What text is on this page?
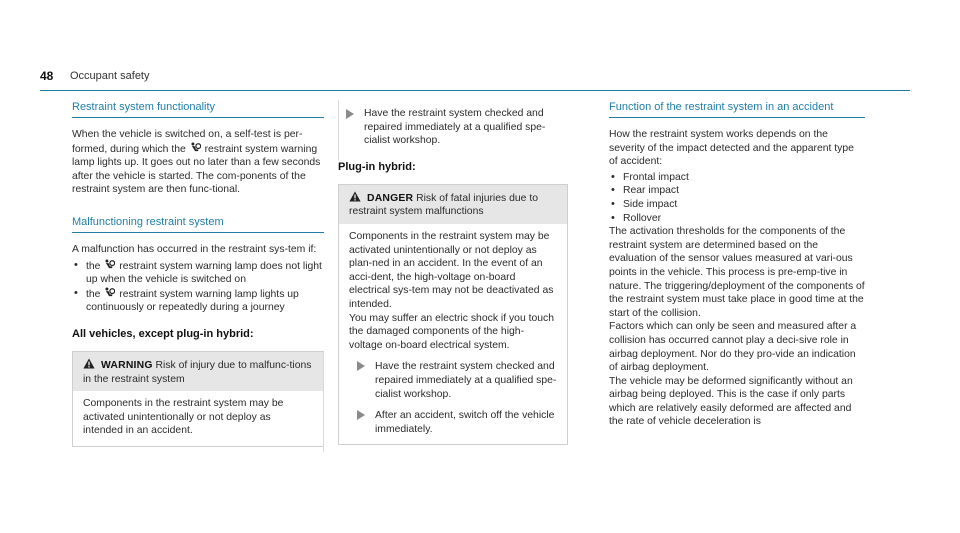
48 Occupant safety
Restraint system functionality

When the vehicle is switched on, a self-test is per-formed, during which the restraint system warning lamp lights up. It goes out no later than a few seconds after the vehicle is started. The com-ponents of the restraint system are then func-tional.

Malfunctioning restraint system

A malfunction has occurred in the restraint sys-tem if:

• the restraint system warning lamp does not light up when the vehicle is switched on
• the restraint system warning lamp lights up continuously or repeatedly during a journey
All vehicles, except plug-in hybrid:
WARNING Risk of injury due to malfunc-tions in the restraint system
Components in the restraint system may be activated unintentionally or not deploy as intended in an accident.
Have the restraint system checked and repaired immediately at a qualified spe-cialist workshop.
Plug-in hybrid:
DANGER Risk of fatal injuries due to restraint system malfunctions

Components in the restraint system may be activated unintentionally or not deploy as plan-ned in an accident. In the event of an acci-dent, the high-voltage on-board electrical sys-tem may not be deactivated as intended.

You may suffer an electric shock if you touch the damaged components of the high-voltage on-board electrical system.

Have the restraint system checked and repaired immediately at a qualified spe-cialist workshop.
After an accident, switch off the vehicle immediately.
Function of the restraint system in an accident

How the restraint system works depends on the severity of the impact detected and the apparent type of accident:

• Frontal impact
• Rear impact
• Side impact
• Rollover

The activation thresholds for the components of the restraint system are determined based on the evaluation of the sensor values measured at vari-ous points in the vehicle. This process is pre-emp-tive in nature. The triggering/deployment of the components of the restraint system must take place in good time at the start of the collision.

Factors which can only be seen and measured after a collision has occurred cannot play a deci-sive role in airbag deployment. Nor do they pro-vide an indication of airbag deployment.

The vehicle may be deformed significantly without an airbag being deployed. This is the case if only parts which are relatively easily deformed are affected and the rate of vehicle deceleration is
